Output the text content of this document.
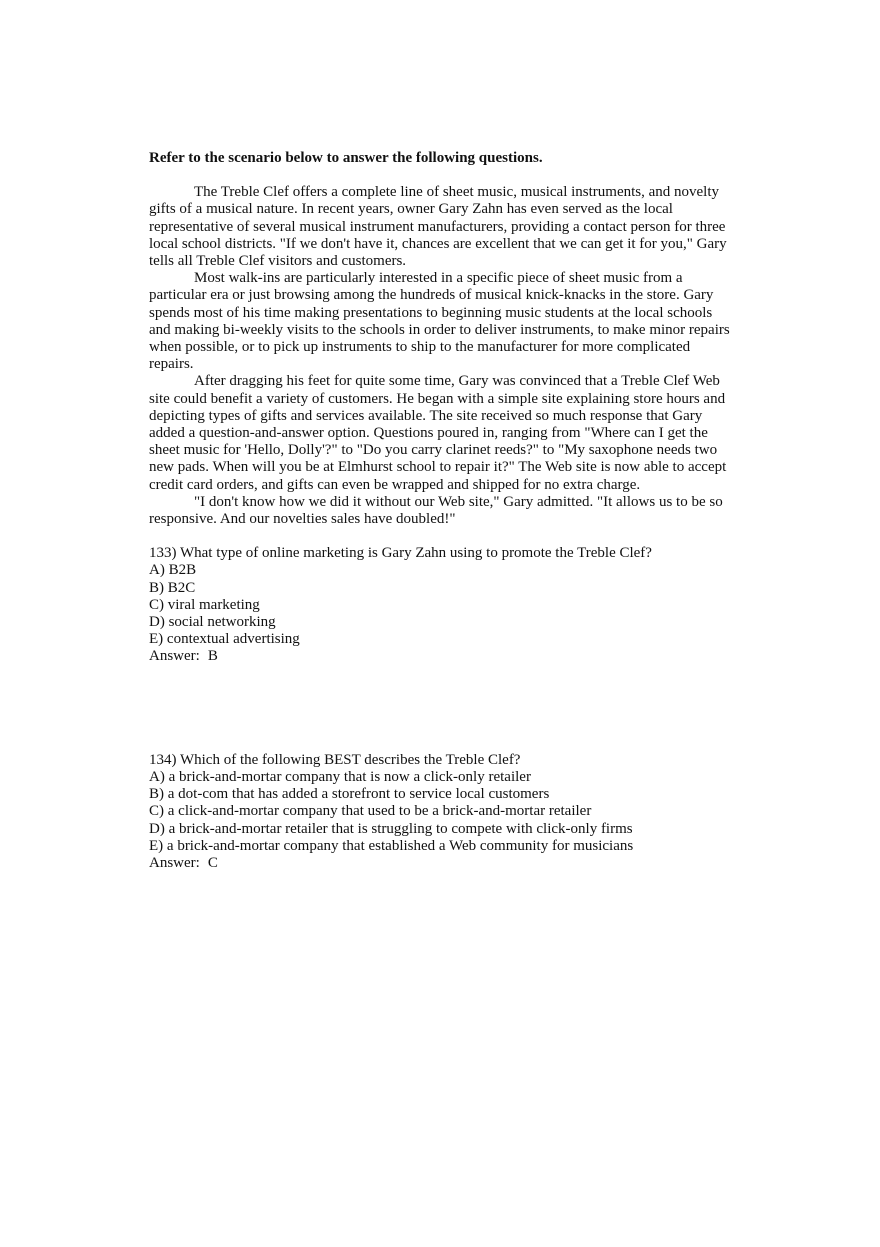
Refer to the scenario below to answer the following questions.

The Treble Clef offers a complete line of sheet music, musical instruments, and novelty gifts of a musical nature. In recent years, owner Gary Zahn has even served as the local representative of several musical instrument manufacturers, providing a contact person for three local school districts. "If we don't have it, chances are excellent that we can get it for you," Gary tells all Treble Clef visitors and customers.

Most walk-ins are particularly interested in a specific piece of sheet music from a particular era or just browsing among the hundreds of musical knick-knacks in the store. Gary spends most of his time making presentations to beginning music students at the local schools and making bi-weekly visits to the schools in order to deliver instruments, to make minor repairs when possible, or to pick up instruments to ship to the manufacturer for more complicated repairs.

After dragging his feet for quite some time, Gary was convinced that a Treble Clef Web site could benefit a variety of customers. He began with a simple site explaining store hours and depicting types of gifts and services available. The site received so much response that Gary added a question-and-answer option. Questions poured in, ranging from "Where can I get the sheet music for 'Hello, Dolly'?" to "Do you carry clarinet reeds?" to "My saxophone needs two new pads. When will you be at Elmhurst school to repair it?" The Web site is now able to accept credit card orders, and gifts can even be wrapped and shipped for no extra charge.

"I don't know how we did it without our Web site," Gary admitted. "It allows us to be so responsive. And our novelties sales have doubled!"

133) What type of online marketing is Gary Zahn using to promote the Treble Clef?
A) B2B
B) B2C
C) viral marketing
D) social networking
E) contextual advertising
Answer: B
134) Which of the following BEST describes the Treble Clef?
A) a brick-and-mortar company that is now a click-only retailer
B) a dot-com that has added a storefront to service local customers
C) a click-and-mortar company that used to be a brick-and-mortar retailer
D) a brick-and-mortar retailer that is struggling to compete with click-only firms
E) a brick-and-mortar company that established a Web community for musicians
Answer: C
